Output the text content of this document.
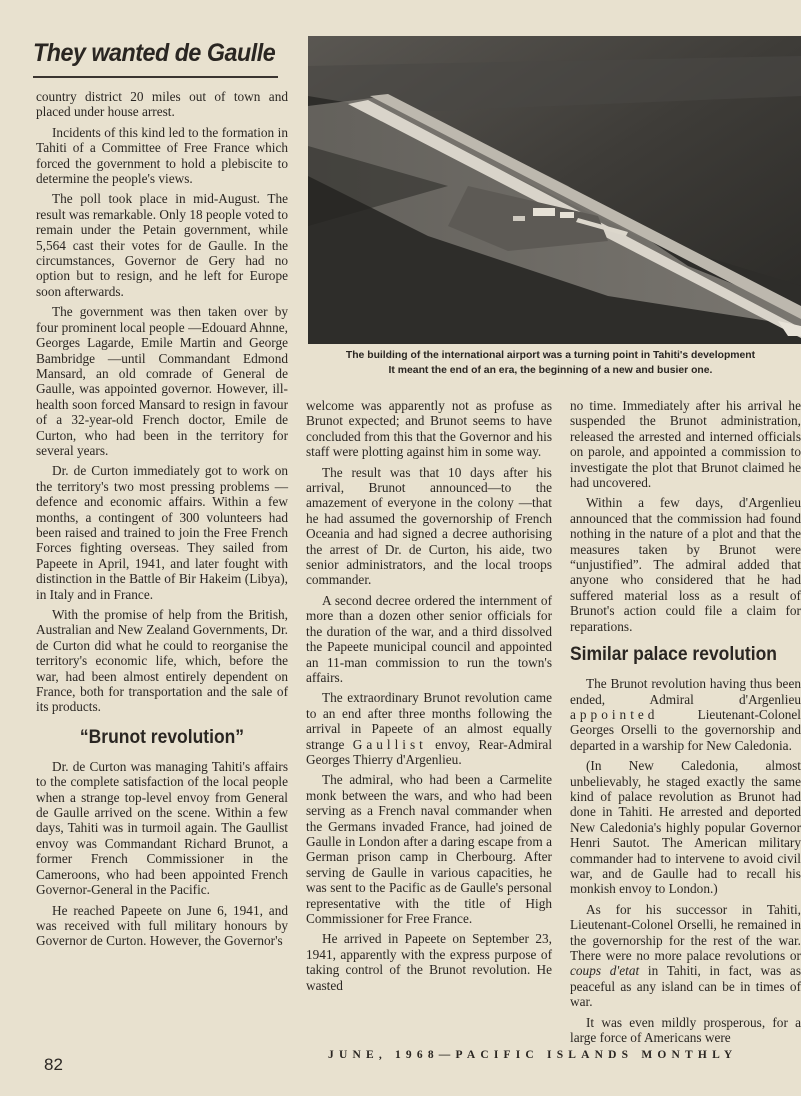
They wanted de Gaulle
The building of the international airport was a turning point in Tahiti's development
It meant the end of an era, the beginning of a new and busier one.

country district 20 miles out of town and placed under house arrest.

Incidents of this kind led to the formation in Tahiti of a Committee of Free France which forced the government to hold a plebiscite to determine the people's views.

The poll took place in mid-August. The result was remarkable. Only 18 people voted to remain under the Petain government, while 5,564 cast their votes for de Gaulle. In the circumstances, Governor de Gery had no option but to resign, and he left for Europe soon afterwards.

The government was then taken over by four prominent local people —Edouard Ahnne, Georges Lagarde, Emile Martin and George Bambridge —until Commandant Edmond Mansard, an old comrade of General de Gaulle, was appointed governor. However, ill-health soon forced Mansard to resign in favour of a 32-year-old French doctor, Emile de Curton, who had been in the territory for several years.

Dr. de Curton immediately got to work on the territory's two most pressing problems — defence and economic affairs. Within a few months, a contingent of 300 volunteers had been raised and trained to join the Free French Forces fighting overseas. They sailed from Papeete in April, 1941, and later fought with distinction in the Battle of Bir Hakeim (Libya), in Italy and in France.

With the promise of help from the British, Australian and New Zealand Governments, Dr. de Curton did what he could to reorganise the territory's economic life, which, before the war, had been almost entirely dependent on France, both for transportation and the sale of its products.

“Brunot revolution”

Dr. de Curton was managing Tahiti's affairs to the complete satisfaction of the local people when a strange top-level envoy from General de Gaulle arrived on the scene. Within a few days, Tahiti was in turmoil again. The Gaullist envoy was Commandant Richard Brunot, a former French Commissioner in the Cameroons, who had been appointed French Governor-General in the Pacific.

He reached Papeete on June 6, 1941, and was received with full military honours by Governor de Curton. However, the Governor's

welcome was apparently not as profuse as Brunot expected; and Brunot seems to have concluded from this that the Governor and his staff were plotting against him in some way.

The result was that 10 days after his arrival, Brunot announced—to the amazement of everyone in the colony —that he had assumed the governorship of French Oceania and had signed a decree authorising the arrest of Dr. de Curton, his aide, two senior administrators, and the local troops commander.

A second decree ordered the internment of more than a dozen other senior officials for the duration of the war, and a third dissolved the Papeete municipal council and appointed an 11-man commission to run the town's affairs.

The extraordinary Brunot revolution came to an end after three months following the arrival in Papeete of an almost equally strange Gaullist envoy, Rear-Admiral Georges Thierry d'Argenlieu.

The admiral, who had been a Carmelite monk between the wars, and who had been serving as a French naval commander when the Germans invaded France, had joined de Gaulle in London after a daring escape from a German prison camp in Cherbourg. After serving de Gaulle in various capacities, he was sent to the Pacific as de Gaulle's personal representative with the title of High Commissioner for Free France.

He arrived in Papeete on September 23, 1941, apparently with the express purpose of taking control of the Brunot revolution. He wasted

no time. Immediately after his arrival he suspended the Brunot administration, released the arrested and interned officials on parole, and appointed a commission to investigate the plot that Brunot claimed he had uncovered.

Within a few days, d'Argenlieu announced that the commission had found nothing in the nature of a plot and that the measures taken by Brunot were “unjustified”. The admiral added that anyone who considered that he had suffered material loss as a result of Brunot's action could file a claim for reparations.

Similar palace revolution

The Brunot revolution having thus been ended, Admiral d'Argenlieu appointed	Lieutenant-Colonel Georges Orselli to the governorship and departed in a warship for New Caledonia.

(In New Caledonia, almost unbelievably, he staged exactly the same kind of palace revolution as Brunot had done in Tahiti. He arrested and deported New Caledonia's highly popular Governor Henri Sautot. The American military commander had to intervene to avoid civil war, and de Gaulle had to recall his monkish envoy to London.)

As for his successor in Tahiti, Lieutenant-Colonel Orselli, he remained in the governorship for the rest of the war. There were no more palace revolutions or coups d'etat in Tahiti, in fact, was as peaceful as any island can be in times of war.

It was even mildly prosperous, for a large force of Americans were

82	JUNE, 1968—PACIFIC ISLANDS MONTHLY
